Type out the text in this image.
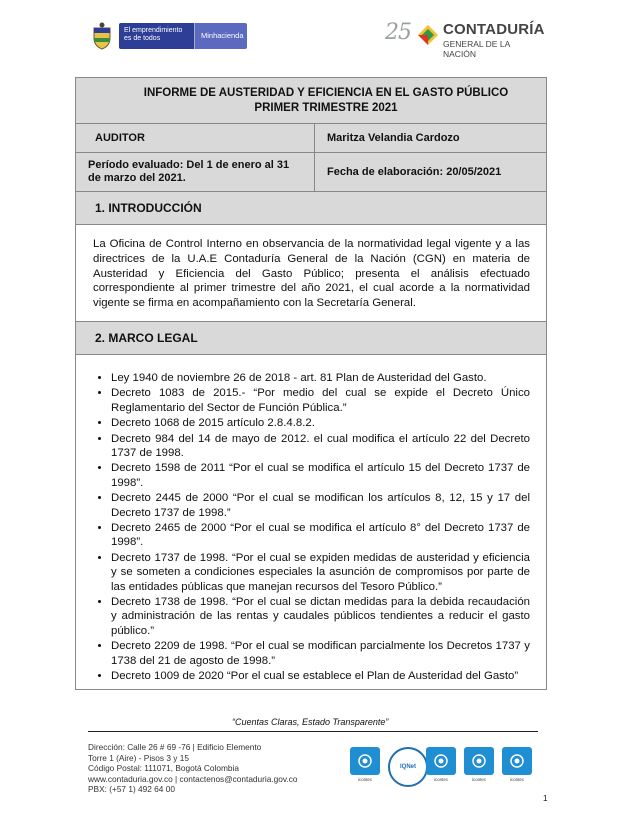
El emprendimiento
es de todos	Minhacienda	25 CONTADURÍA
GENERAL DE LA NACIÓN
INFORME DE AUSTERIDAD Y EFICIENCIA EN EL GASTO PÚBLICO
PRIMER TRIMESTRE 2021
AUDITOR	Maritza Velandia Cardozo
Período evaluado: Del 1 de enero al 31 de marzo del 2021.	Fecha de elaboración: 20/05/2021
1. INTRODUCCIÓN
La Oficina de Control Interno en observancia de la normatividad legal vigente y a las directrices de la U.A.E Contaduría General de la Nación (CGN) en materia de Austeridad y Eficiencia del Gasto Público; presenta el análisis efectuado correspondiente al primer trimestre del año 2021, el cual acorde a la normatividad vigente se firma en acompañamiento con la Secretaría General.
2. MARCO LEGAL
• Ley 1940 de noviembre 26 de 2018 - art. 81 Plan de Austeridad del Gasto.
• Decreto 1083 de 2015.- “Por medio del cual se expide el Decreto Único Reglamentario del Sector de Función Pública.”
• Decreto 1068 de 2015 artículo 2.8.4.8.2.
• Decreto 984 del 14 de mayo de 2012. el cual modifica el artículo 22 del Decreto 1737 de 1998.
• Decreto 1598 de 2011 “Por el cual se modifica el artículo 15 del Decreto 1737 de 1998”.
• Decreto 2445 de 2000 “Por el cual se modifican los artículos 8, 12, 15 y 17 del Decreto 1737 de 1998.”
• Decreto 2465 de 2000 “Por el cual se modifica el artículo 8° del Decreto 1737 de 1998”.
• Decreto 1737 de 1998. “Por el cual se expiden medidas de austeridad y eficiencia y se someten a condiciones especiales la asunción de compromisos por parte de las entidades públicas que manejan recursos del Tesoro Público.”
• Decreto 1738 de 1998. “Por el cual se dictan medidas para la debida recaudación y administración de las rentas y caudales públicos tendientes a reducir el gasto público.”
• Decreto 2209 de 1998. “Por el cual se modifican parcialmente los Decretos 1737 y 1738 del 21 de agosto de 1998.”
• Decreto 1009 de 2020 “Por el cual se establece el Plan de Austeridad del Gasto”
“Cuentas Claras, Estado Transparente”
Dirección: Calle 26 # 69 -76 | Edificio Elemento
Torre 1 (Aire) - Pisos 3 y 15
Código Postal: 111071, Bogotá Colombia
www.contaduria.gov.co | contactenos@contaduria.gov.co
PBX: (+57 1) 492 64 00
icontec
IQNet
icontec	icontec	icontec
1
